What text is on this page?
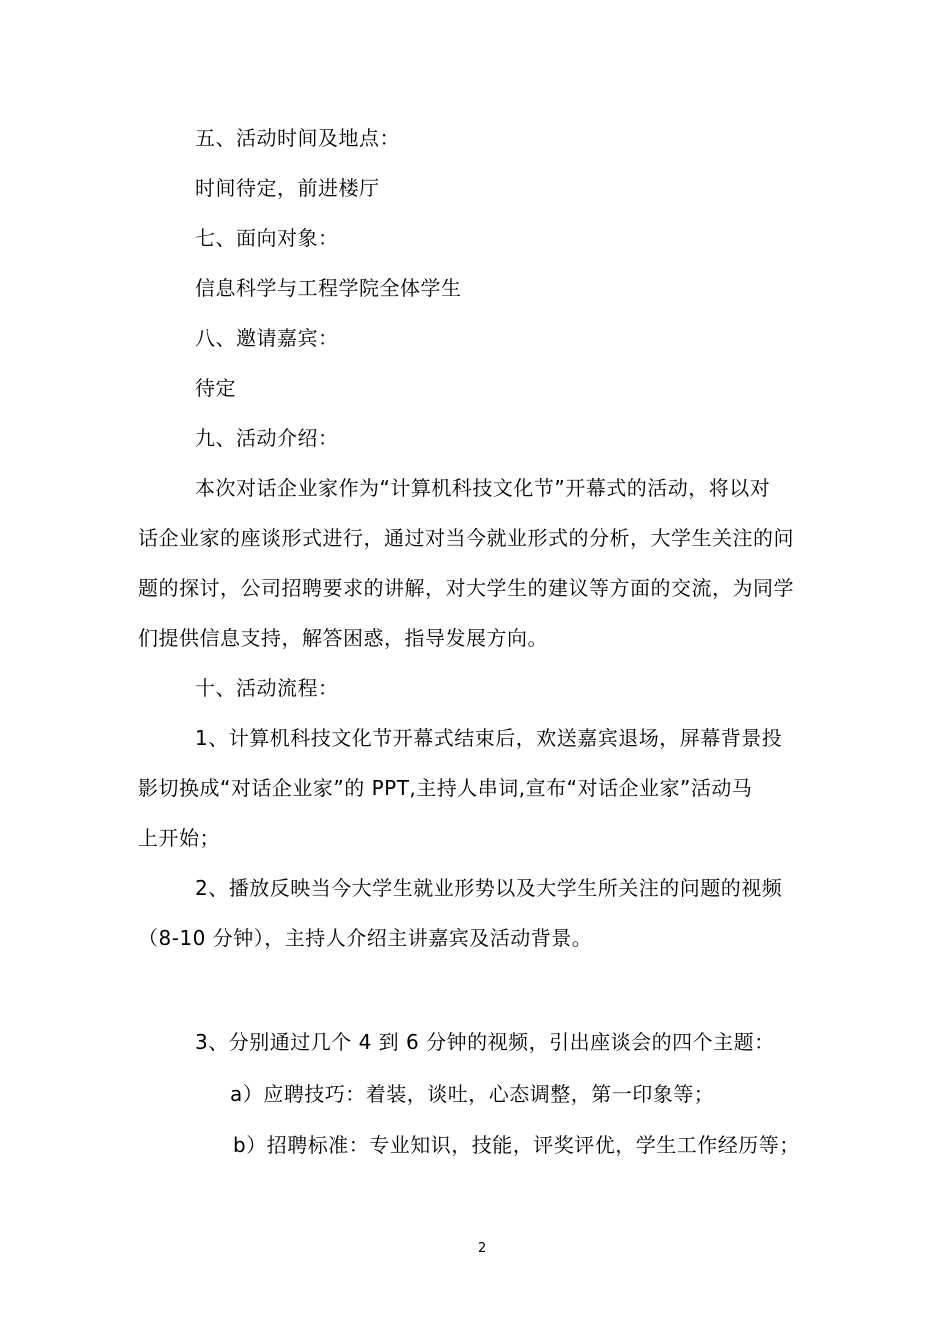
五、活动时间及地点：
时间待定，前进楼厅
七、面向对象：
信息科学与工程学院全体学生
八、邀请嘉宾：
待定
九、活动介绍：
本次对话企业家作为“计算机科技文化节”开幕式的活动，将以对
话企业家的座谈形式进行，通过对当今就业形式的分析，大学生关注的问
题的探讨，公司招聘要求的讲解，对大学生的建议等方面的交流，为同学
们提供信息支持，解答困惑，指导发展方向。
十、活动流程：
1、计算机科技文化节开幕式结束后，欢送嘉宾退场，屏幕背景投
影切换成“对话企业家”的 PPT,主持人串词,宣布“对话企业家”活动马
上开始；
2、播放反映当今大学生就业形势以及大学生所关注的问题的视频
（8-10 分钟），主持人介绍主讲嘉宾及活动背景。
3、分别通过几个 4 到 6 分钟的视频，引出座谈会的四个主题：
a）应聘技巧：着装，谈吐，心态调整，第一印象等；
b）招聘标准：专业知识，技能，评奖评优，学生工作经历等；
2
